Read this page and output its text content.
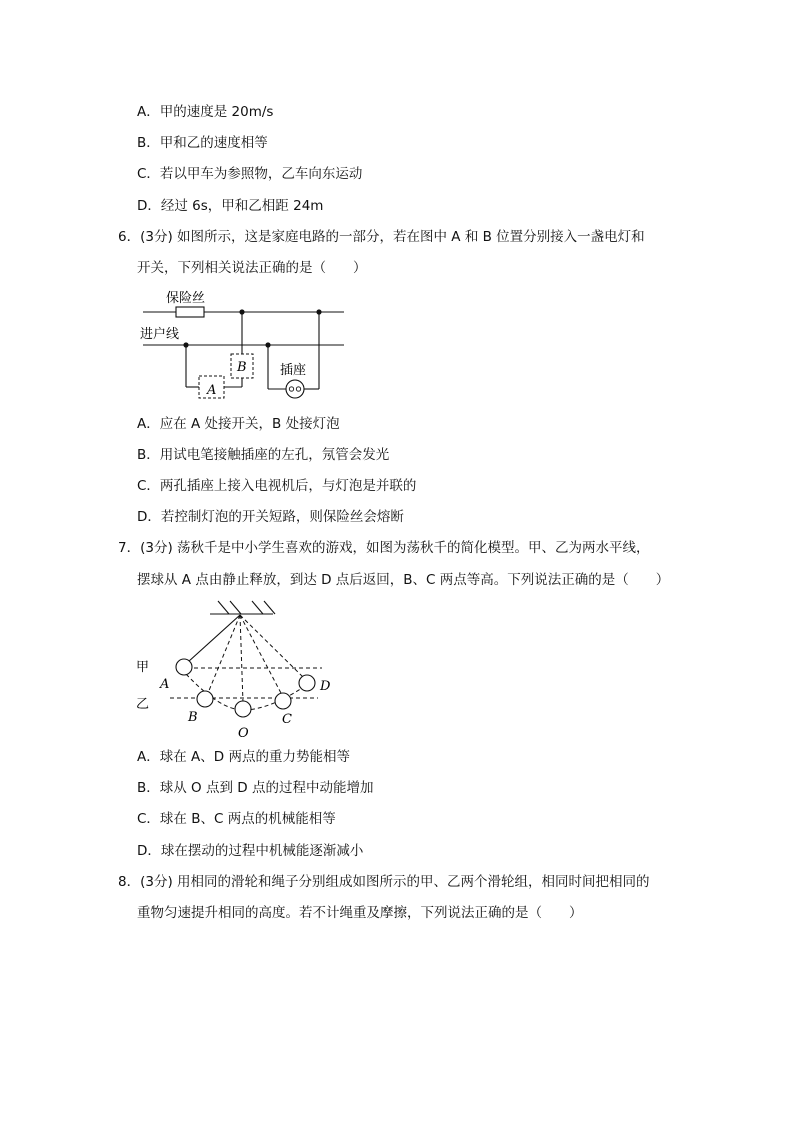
A．甲的速度是 20m/s
B．甲和乙的速度相等
C．若以甲车为参照物，乙车向东运动
D．经过 6s，甲和乙相距 24m
6．(3分) 如图所示，这是家庭电路的一部分，若在图中 A 和 B 位置分别接入一盏电灯和
开关，下列相关说法正确的是（　　）
保险丝
进户线
插座
B
A
A．应在 A 处接开关，B 处接灯泡
B．用试电笔接触插座的左孔，氖管会发光
C．两孔插座上接入电视机后，与灯泡是并联的
D．若控制灯泡的开关短路，则保险丝会熔断
7．(3分) 荡秋千是中小学生喜欢的游戏，如图为荡秋千的简化模型。甲、乙为两水平线，
摆球从 A 点由静止释放，到达 D 点后返回，B、C 两点等高。下列说法正确的是（　　）
甲
乙
A
B
O
C
D
A．球在 A、D 两点的重力势能相等
B．球从 O 点到 D 点的过程中动能增加
C．球在 B、C 两点的机械能相等
D．球在摆动的过程中机械能逐渐减小
8．(3分) 用相同的滑轮和绳子分别组成如图所示的甲、乙两个滑轮组，相同时间把相同的
重物匀速提升相同的高度。若不计绳重及摩擦，下列说法正确的是（　　）
